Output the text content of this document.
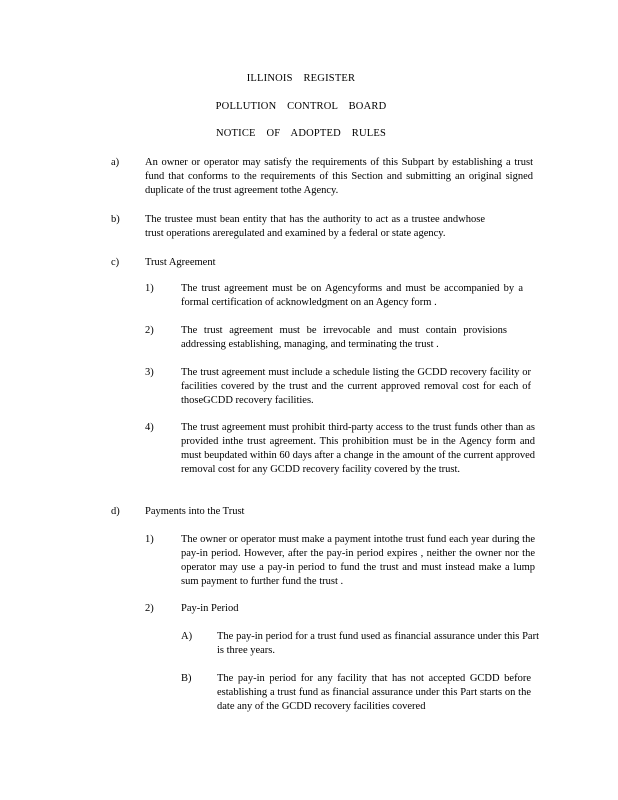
ILLINOIS REGISTER
POLLUTION CONTROL BOARD
NOTICE OF ADOPTED RULES
a) An owner or operator may satisfy the requirements of this Subpart by establishing a trust fund that conforms to the requirements of this Section and submitting an original signed duplicate of the trust agreement tothe Agency.
b) The trustee must bean entity that has the authority to act as a trustee andwhose trust operations areregulated and examined by a federal or state agency.
c) Trust Agreement
1)	The trust agreement must be on Agencyforms and must be accompanied by a formal certification of acknowledgment on an Agency form .
2)	The trust agreement must be irrevocable and must contain provisions addressing establishing, managing, and terminating the trust .
3)	The trust agreement must include a schedule listing the GCDD recovery facility or facilities covered by the trust and the current approved removal cost for each of thoseGCDD recovery facilities.
4)	The trust agreement must prohibit third-party access to the trust funds other than as provided inthe trust agreement. This prohibition must be in the Agency form and must beupdated within 60 days after a change in the amount of the current approved removal cost for any GCDD recovery facility covered by the trust.
d) Payments into the Trust
1)	The owner or operator must make a payment intothe trust fund each year during the pay-in period. However, after the pay-in period expires , neither the owner nor the operator may use a pay-in period to fund the trust and must instead make a lump sum payment to further fund the trust .
2)	Pay-in Period
A) The pay-in period for a trust fund used as financial assurance under this Part is three years.
B) The pay-in period for any facility that has not accepted GCDD before establishing a trust fund as financial assurance under this Part starts on the date any of the GCDD recovery facilities covered
